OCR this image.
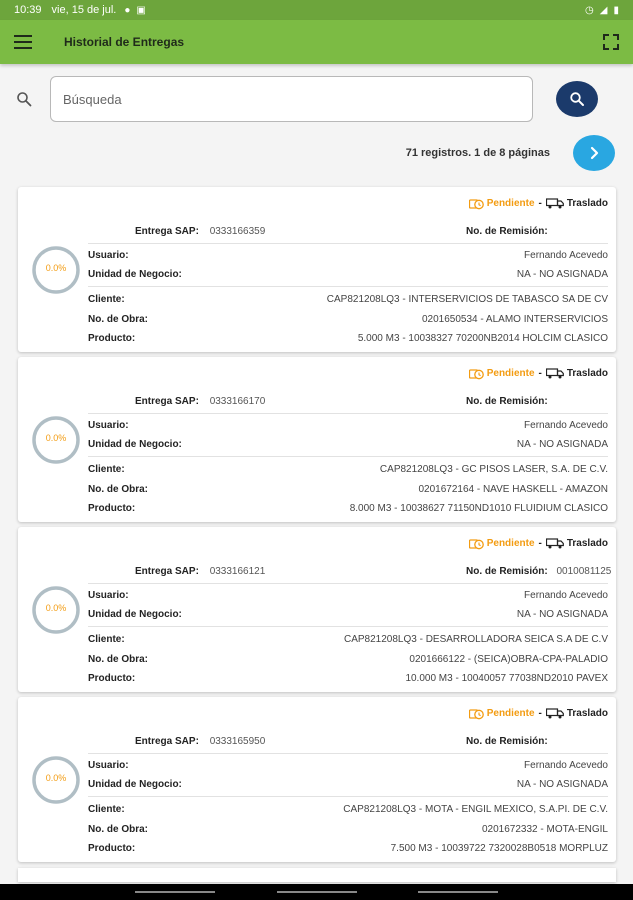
10:39 vie, 15 de jul. ● ▣	◷ ◢ ▮
Historial de Entregas
Búsqueda
71 registros. 1 de 8 páginas
Pendiente -	Traslado
Entrega SAP: 0333166359	No. de Remisión:
0.0%
Usuario:	Fernando Acevedo
Unidad de Negocio:	NA - NO ASIGNADA
Cliente:	CAP821208LQ3 - INTERSERVICIOS DE TABASCO SA DE CV
No. de Obra:	0201650534 - ALAMO INTERSERVICIOS
Producto:	5.000 M3 - 10038327 70200NB2014 HOLCIM CLASICO
Pendiente -	Traslado
Entrega SAP: 0333166170	No. de Remisión:
0.0%
Usuario:	Fernando Acevedo
Unidad de Negocio:	NA - NO ASIGNADA
Cliente:	CAP821208LQ3 - GC PISOS LASER, S.A. DE C.V.
No. de Obra:	0201672164 - NAVE HASKELL - AMAZON
Producto:	8.000 M3 - 10038627 71150ND1010 FLUIDIUM CLASICO
Pendiente -	Traslado
Entrega SAP: 0333166121	No. de Remisión: 0010081125
0.0%
Usuario:	Fernando Acevedo
Unidad de Negocio:	NA - NO ASIGNADA
Cliente:	CAP821208LQ3 - DESARROLLADORA SEICA S.A DE C.V
No. de Obra:	0201666122 - (SEICA)OBRA-CPA-PALADIO
Producto:	10.000 M3 - 10040057 77038ND2010 PAVEX
Pendiente -	Traslado
Entrega SAP: 0333165950	No. de Remisión:
0.0%
Usuario:	Fernando Acevedo
Unidad de Negocio:	NA - NO ASIGNADA
Cliente:	CAP821208LQ3 - MOTA - ENGIL MEXICO, S.A.PI. DE C.V.
No. de Obra:	0201672332 - MOTA-ENGIL
Producto:	7.500 M3 - 10039722 7320028B0518 MORPLUZ
